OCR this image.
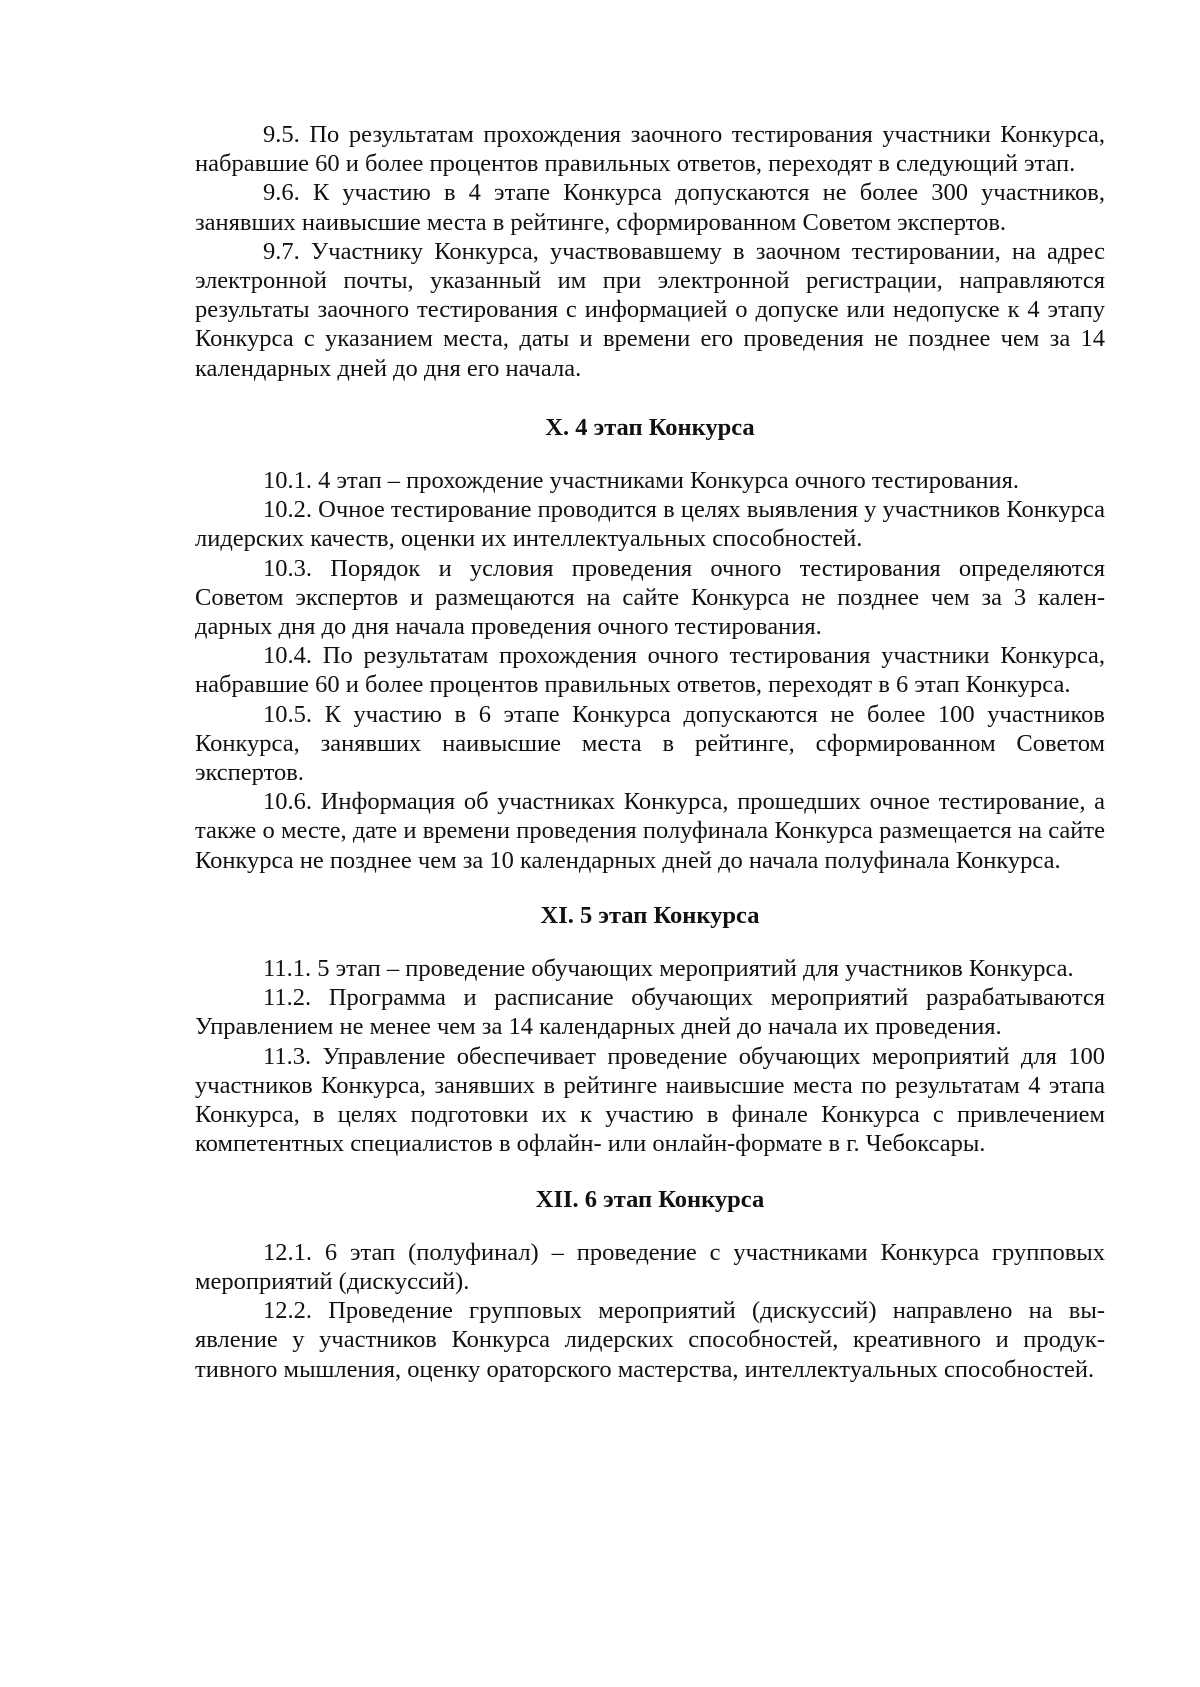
9.5. По результатам прохождения заочного тестирования участники Конкурса, набравшие 60 и более процентов правильных ответов, переходят в следующий этап.

9.6. К участию в 4 этапе Конкурса допускаются не более 300 участников, занявших наивысшие места в рейтинге, сформированном Советом экспертов.

9.7. Участнику Конкурса, участвовавшему в заочном тестировании, на адрес электронной почты, указанный им при электронной регистрации, направляются результаты заочного тестирования с информацией о допуске или недопуске к 4 этапу Конкурса с указанием места, даты и времени его проведения не позднее чем за 14 календарных дней до дня его начала.

X. 4 этап Конкурса

10.1. 4 этап – прохождение участниками Конкурса очного тестирования.

10.2. Очное тестирование проводится в целях выявления у участников Конкурса лидерских качеств, оценки их интеллектуальных способностей.

10.3. Порядок и условия проведения очного тестирования определяются Советом экспертов и размещаются на сайте Конкурса не позднее чем за 3 календарных дня до дня начала проведения очного тестирования.

10.4. По результатам прохождения очного тестирования участники Конкурса, набравшие 60 и более процентов правильных ответов, переходят в 6 этап Конкурса.

10.5. К участию в 6 этапе Конкурса допускаются не более 100 участников Конкурса, занявших наивысшие места в рейтинге, сформированном Советом экспертов.

10.6. Информация об участниках Конкурса, прошедших очное тестирование, а также о месте, дате и времени проведения полуфинала Конкурса размещается на сайте Конкурса не позднее чем за 10 календарных дней до начала полуфинала Конкурса.

XI. 5 этап Конкурса

11.1. 5 этап – проведение обучающих мероприятий для участников Конкурса.

11.2. Программа и расписание обучающих мероприятий разрабатываются Управлением не менее чем за 14 календарных дней до начала их проведения.

11.3. Управление обеспечивает проведение обучающих мероприятий для 100 участников Конкурса, занявших в рейтинге наивысшие места по результатам 4 этапа Конкурса, в целях подготовки их к участию в финале Конкурса с привлечением компетентных специалистов в офлайн- или онлайн-формате в г. Чебоксары.

XII. 6 этап Конкурса

12.1. 6 этап (полуфинал) – проведение с участниками Конкурса групповых мероприятий (дискуссий).

12.2. Проведение групповых мероприятий (дискуссий) направлено на выявление у участников Конкурса лидерских способностей, креативного и продуктивного мышления, оценку ораторского мастерства, интеллектуальных способностей.
